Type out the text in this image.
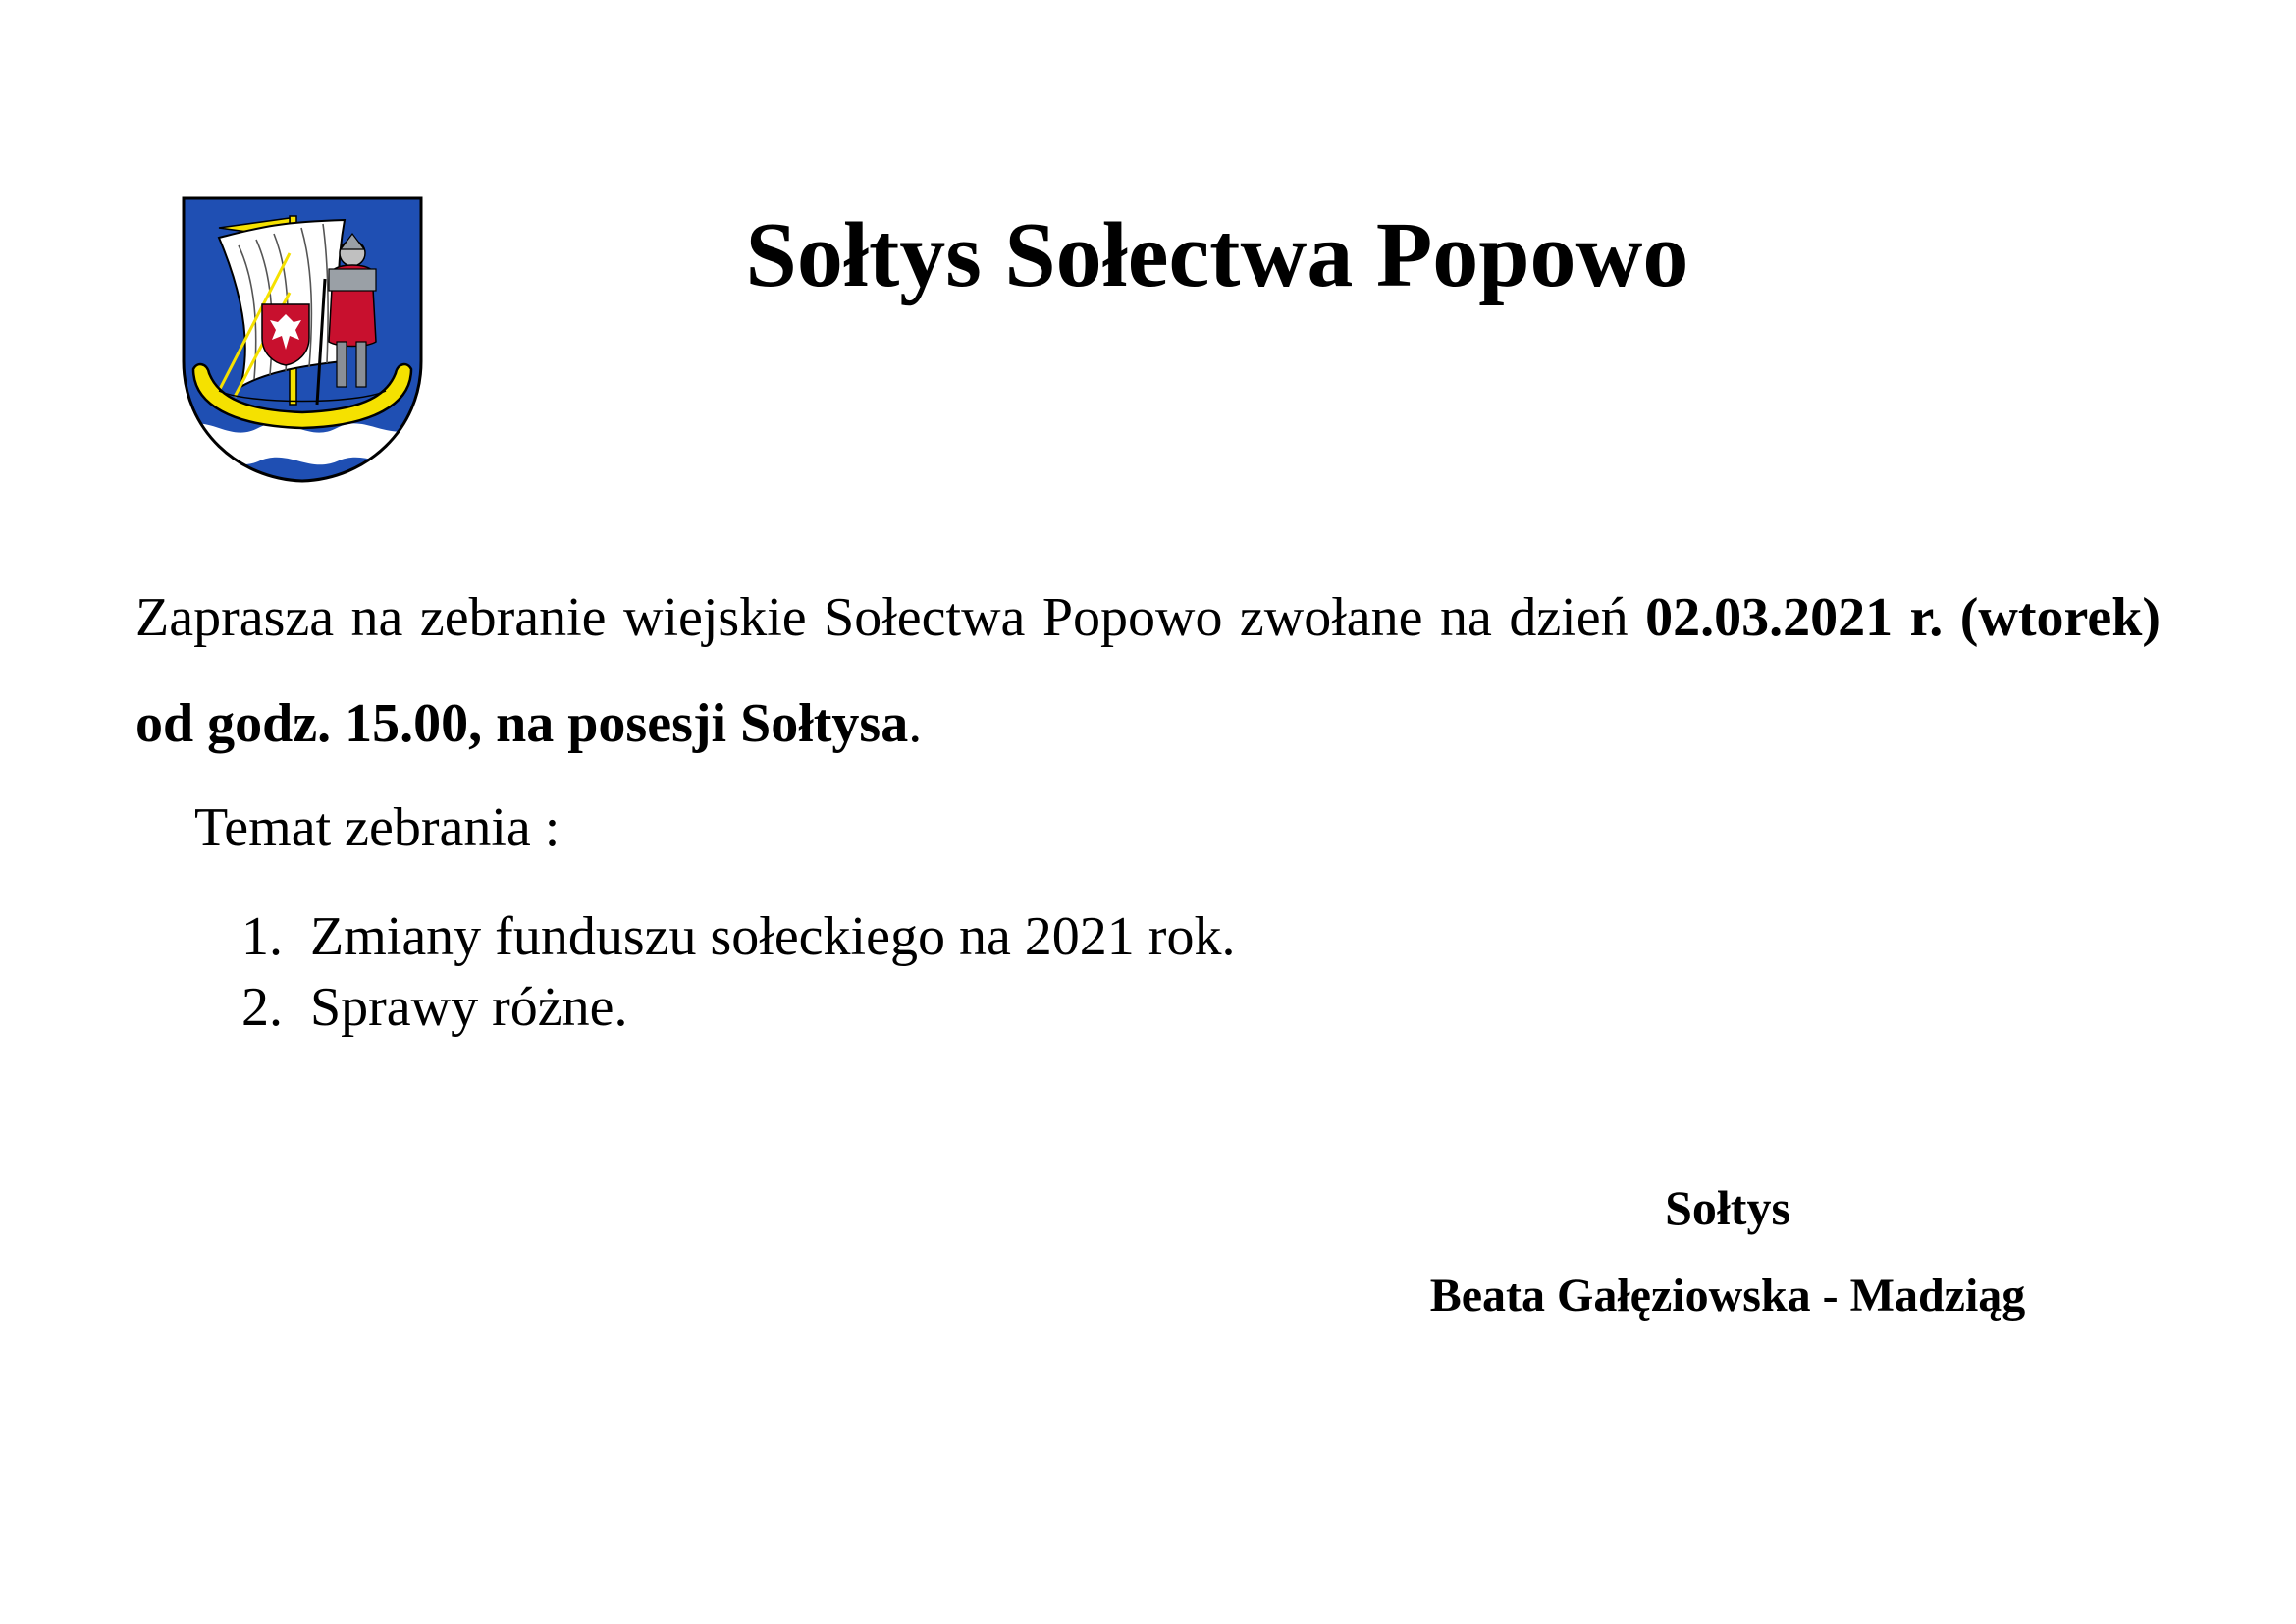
Sołtys Sołectwa Popowo
Zaprasza na zebranie wiejskie Sołectwa Popowo zwołane na dzień 02.03.2021 r. (wtorek) od godz. 15.00, na posesji Sołtysa.
Temat zebrania :
1. Zmiany funduszu sołeckiego na 2021 rok.
2. Sprawy różne.
Sołtys
Beata Gałęziowska - Madziąg
